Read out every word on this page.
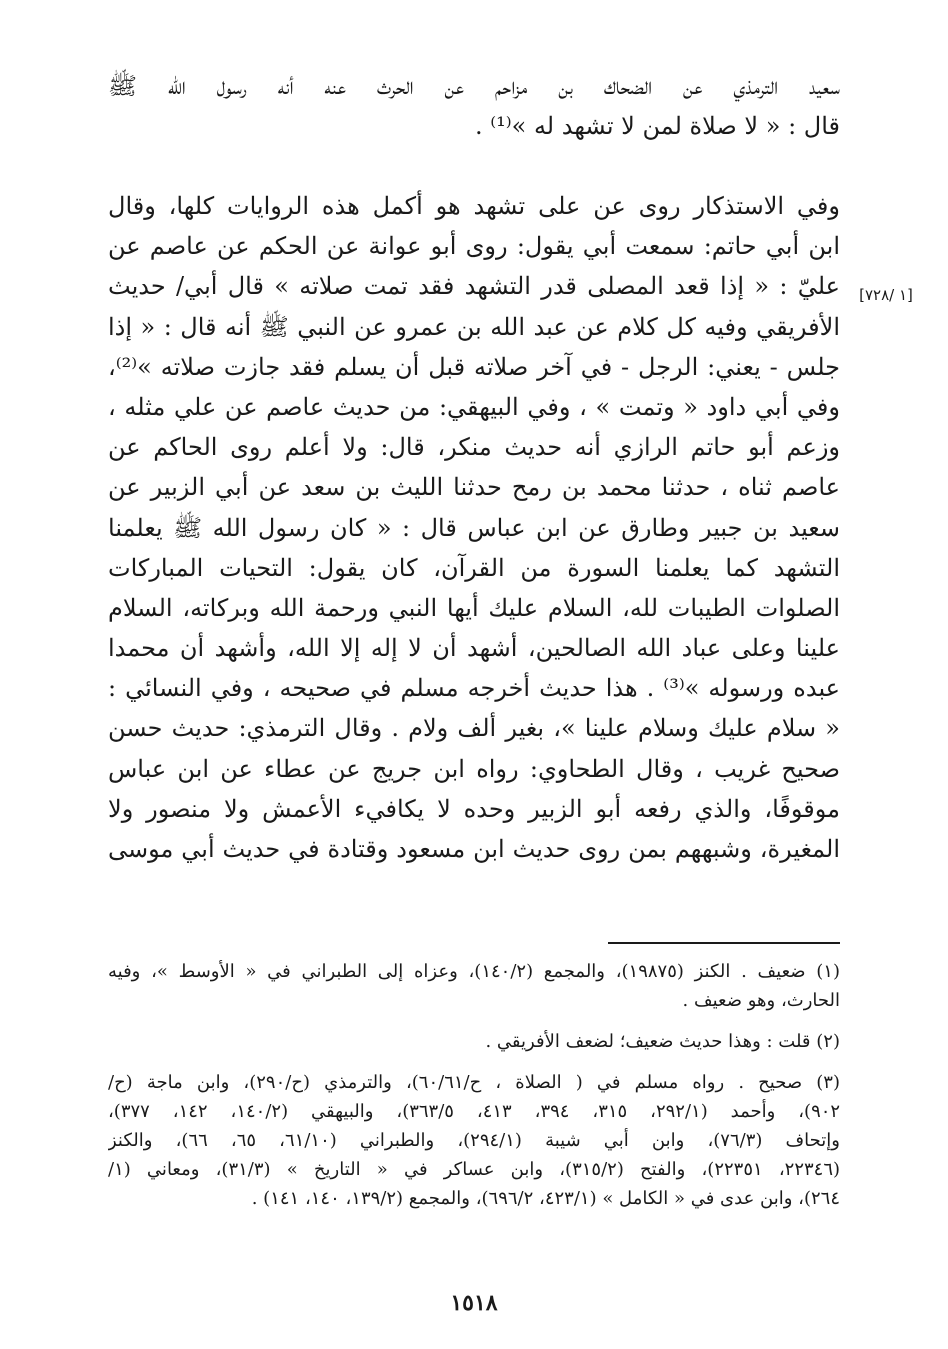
سعيد الترمذي عن الضحاك بن مزاحم عن الحرث عنه أنه رسول الله ﷺ
قال : « لا صلاة لمن لا تشهد له »⁽¹⁾ .
[١ /٧٢٨]
وفي الاستذكار روى عن على تشهد هو أكمل هذه الروايات كلها، وقال
ابن أبي حاتم: سمعت أبي يقول: روى أبو عوانة عن الحكم عن عاصم عن
عليّ : « إذا قعد المصلى قدر التشهد فقد تمت صلاته » قال أبي/ حديث
الأفريقي وفيه كل كلام عن عبد الله بن عمرو عن النبي ﷺ أنه قال : « إذا
جلس - يعني: الرجل - في آخر صلاته قبل أن يسلم فقد جازت صلاته »⁽²⁾،
وفي أبي داود « وتمت » ، وفي البيهقي: من حديث عاصم عن علي مثله ،
وزعم أبو حاتم الرازي أنه حديث منكر، قال: ولا أعلم روى الحاكم عن
عاصم ثناه ، حدثنا محمد بن رمح حدثنا الليث بن سعد عن أبي الزبير عن
سعيد بن جبير وطارق عن ابن عباس قال : « كان رسول الله ﷺ يعلمنا
التشهد كما يعلمنا السورة من القرآن، كان يقول: التحيات المباركات
الصلوات الطيبات لله، السلام عليك أيها النبي ورحمة الله وبركاته، السلام
علينا وعلى عباد الله الصالحين، أشهد أن لا إله إلا الله، وأشهد أن محمدا
عبده ورسوله »⁽³⁾ . هذا حديث أخرجه مسلم في صحيحه ، وفي النسائي :
« سلام عليك وسلام علينا »، بغير ألف ولام . وقال الترمذي: حديث حسن
صحيح غريب ، وقال الطحاوي: رواه ابن جريج عن عطاء عن ابن عباس
موقوفًا، والذي رفعه أبو الزبير وحده لا يكافيء الأعمش ولا منصور ولا
المغيرة، وشبههم بمن روى حديث ابن مسعود وقتادة في حديث أبي موسى
(١) ضعيف . الكنز (١٩٨٧٥)، والمجمع (١٤٠/٢)، وعزاه إلى الطبراني في « الأوسط »، وفيه
الحارث، وهو ضعيف .
(٢) قلت : وهذا حديث ضعيف؛ لضعف الأفريقي .
(٣) صحيح . رواه مسلم في ( الصلاة ، ح/٦٠/٦١)، والترمذي (ح/٢٩٠)، وابن ماجة (ح/
٩٠٢)، وأحمد (٢٩٢/١، ٣١٥، ٣٩٤، ٤١٣، ٣٦٣/٥)، والبيهقي (١٤٠/٢، ١٤٢، ٣٧٧)،
وإتحاف (٧٦/٣)، وابن أبي شيبة (٢٩٤/١)، والطبراني (٦١/١٠، ٦٥، ٦٦)، والكنز
(٢٢٣٤٦، ٢٢٣٥١)، والفتح (٣١٥/٢)، وابن عساكر في « التاريخ » (٣١/٣)، ومعاني (١/
٢٦٤)، وابن عدى في « الكامل » (٤٢٣/١، ٦٩٦/٢)، والمجمع (١٣٩/٢، ١٤٠، ١٤١) .
١٥١٨
